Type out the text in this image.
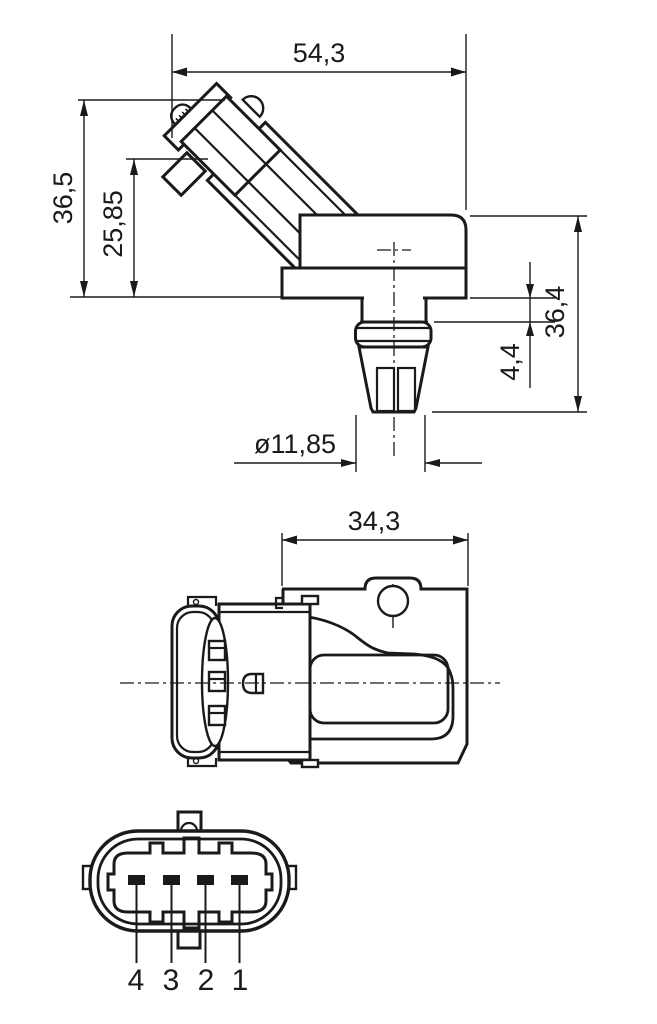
54,3
36,5 25,85
36,4
4,4
ø11,85
34,3
4 3 2 1
